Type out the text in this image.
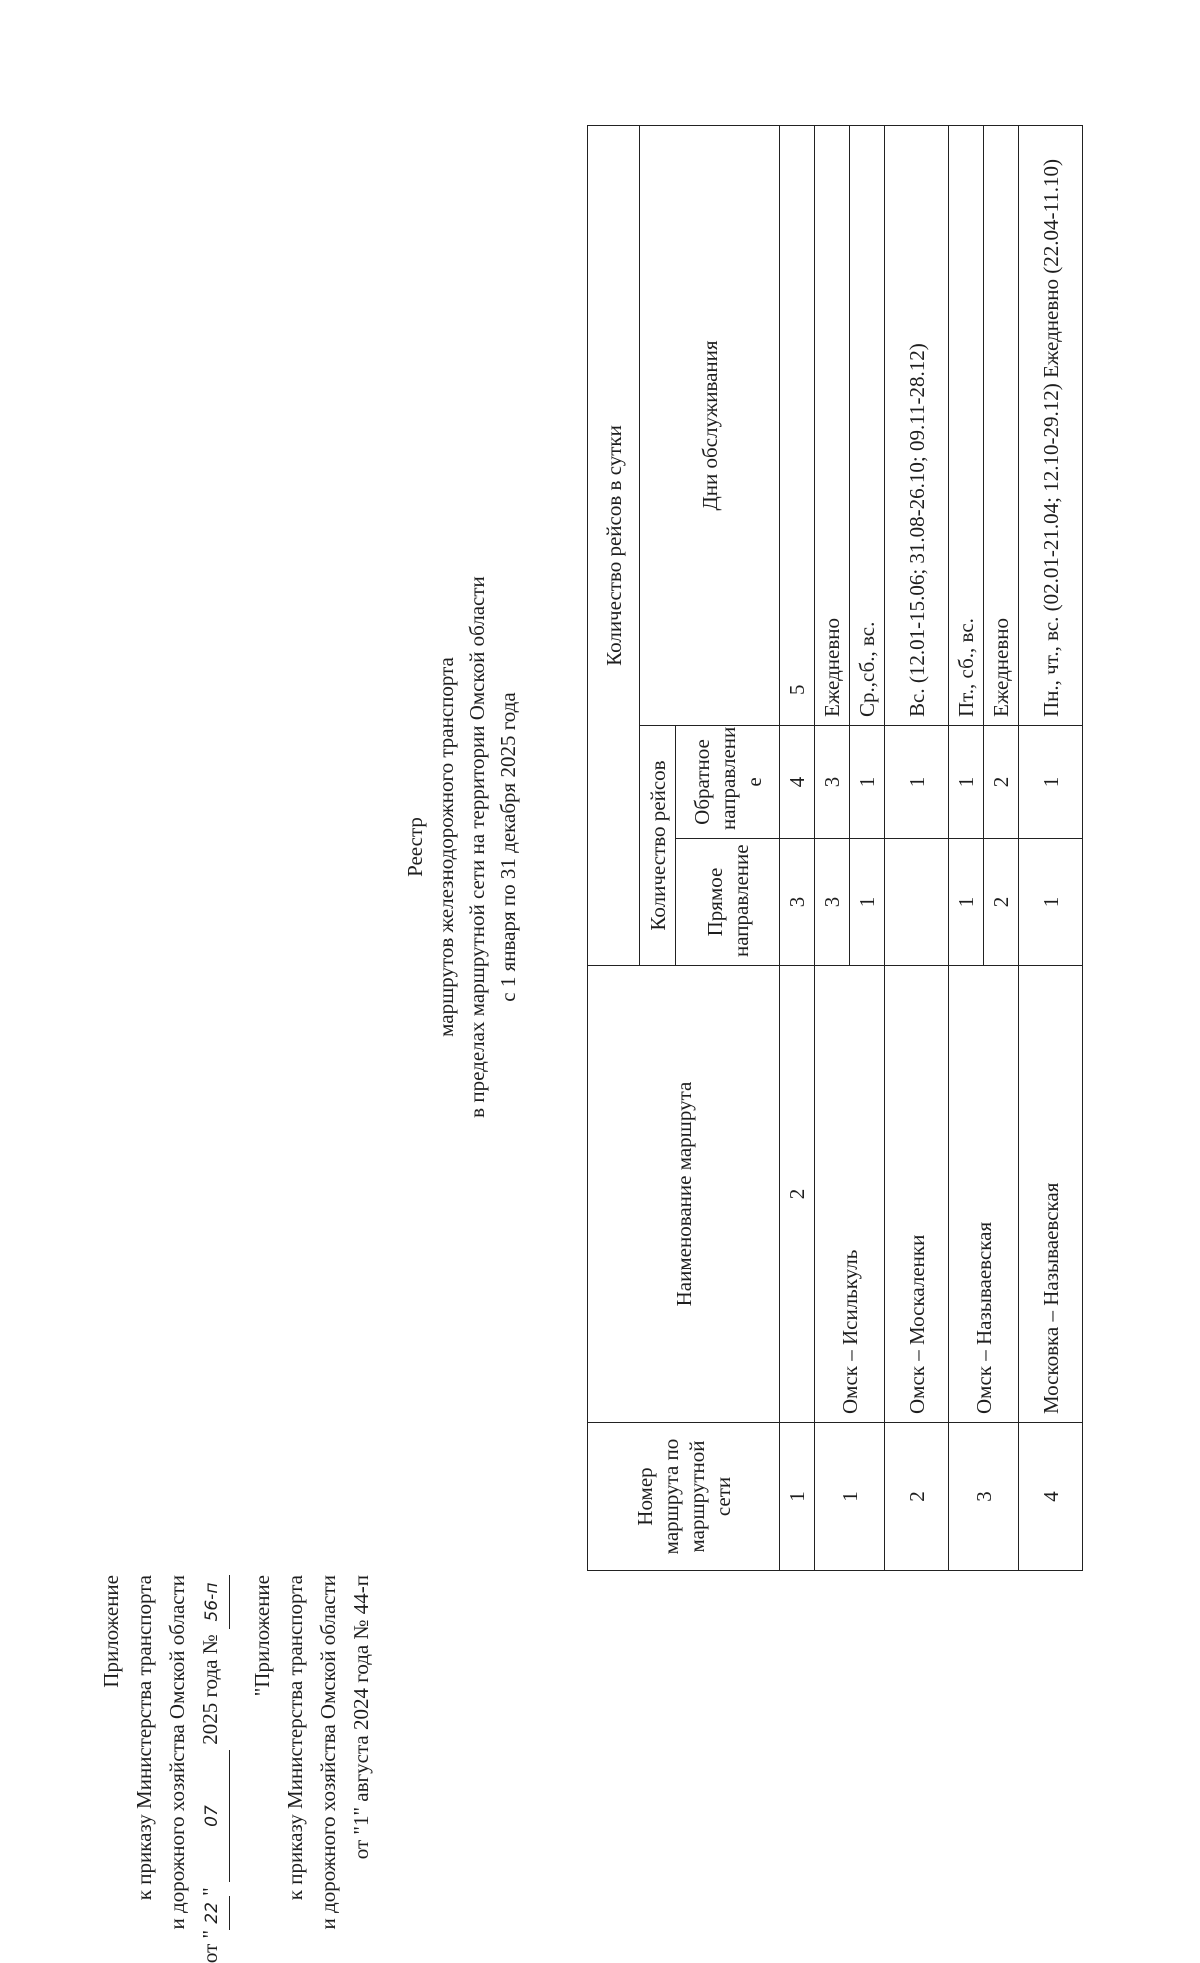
Приложение к приказу Министерства транспорта и дорожного хозяйства Омской области
от "22" 07 2025 года № 56-п	"Приложение к приказу Министерства транспорта и дорожного хозяйства Омской области от "1" августа 2024 года № 44-п
Реестр маршрутов железнодорожного транспорта в пределах маршрутной сети на территории Омской области с 1 января по 31 декабря 2025 года
Номер маршрута по маршрутной сети	Наименование маршрута	Количество рейсов в сутки		
		Количество рейсов		Дни обслуживания
		Прямое направление	Обратное направлени е	
1	2	3	4	5
1	Омск – Исилькуль	3	3	Ежедневно
		1	1	Ср.,сб., вс.
2	Омск – Москаленки		1	Вс. (12.01-15.06; 31.08-26.10; 09.11-28.12)
3	Омск – Называевская	1	1	Пт., сб., вс.
		2	2	Ежедневно
4	Московка – Называевская	1	1	Пн., чт., вс. (02.01-21.04; 12.10-29.12) Ежедневно (22.04-11.10)
